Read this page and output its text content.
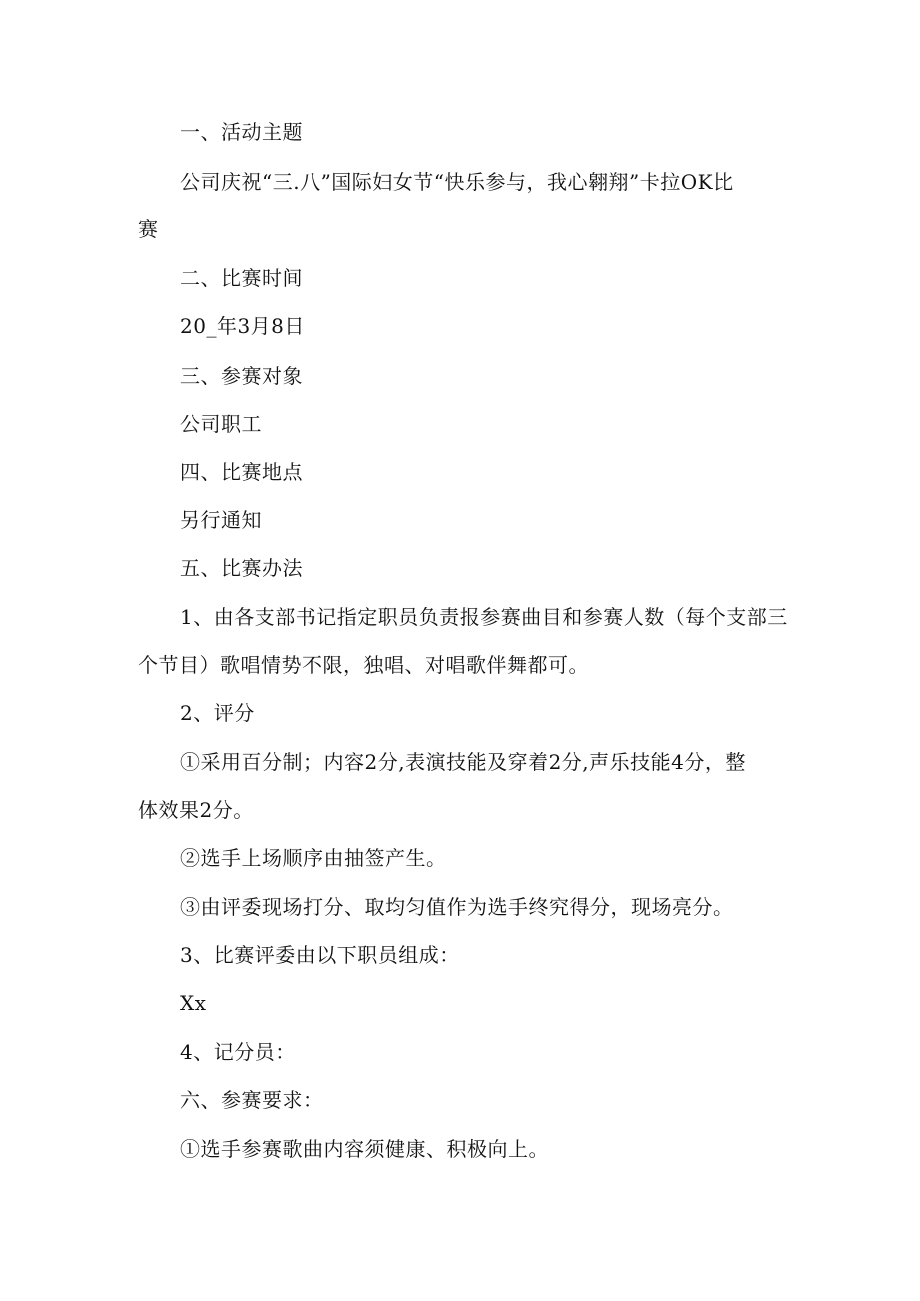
一、活动主题
公司庆祝“三.八”国际妇女节“快乐参与，我心翱翔”卡拉OK比
赛
二、比赛时间
20_年3月8日
三、参赛对象
公司职工
四、比赛地点
另行通知
五、比赛办法
1、由各支部书记指定职员负责报参赛曲目和参赛人数（每个支部三
个节目）歌唱情势不限，独唱、对唱歌伴舞都可。
2、评分
①采用百分制；内容2分,表演技能及穿着2分,声乐技能4分，整
体效果2分。
②选手上场顺序由抽签产生。
③由评委现场打分、取均匀值作为选手终究得分，现场亮分。
3、比赛评委由以下职员组成：
Xx
4、记分员：
六、参赛要求：
①选手参赛歌曲内容须健康、积极向上。
